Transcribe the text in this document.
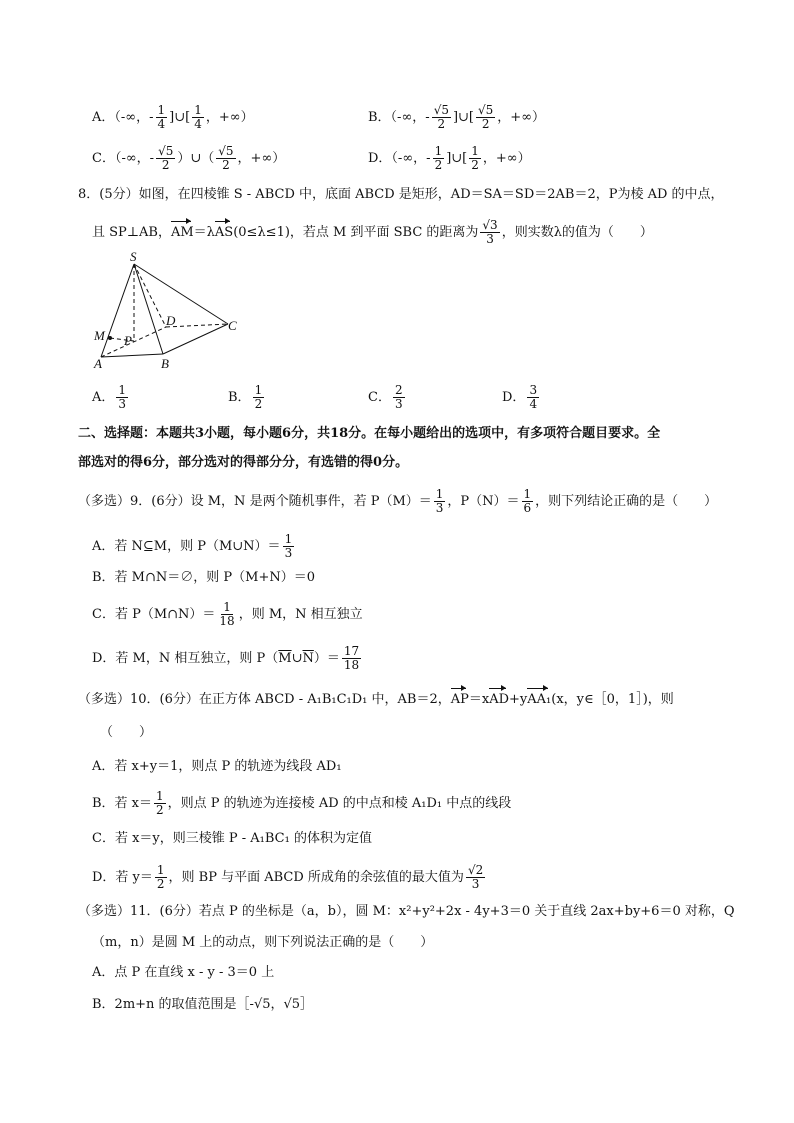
A．（-∞，- $\frac{1}{4}$ ]∪[ $\frac{1}{4}$ ，+∞）	B．（-∞，- $\frac{√5}{2}$ ]∪[ $\frac{√5}{2}$ ，+∞）
C．（-∞，- $\frac{√5}{2}$ ）∪（ $\frac{√5}{2}$ ，+∞）	D．（-∞，- $\frac{1}{2}$ ]∪[ $\frac{1}{2}$ ，+∞）
8．(5分）如图，在四棱锥 S - ABCD 中，底面 ABCD 是矩形，AD＝SA＝SD＝2AB＝2，P为棱 AD 的中点，
且 SP⊥AB，AM＝λAS(0≤λ≤1)，若点 M 到平面 SBC 的距离为 $\frac{√3}{3}$ ，则实数λ的值为（　　）
S
D	C
M P
A	B
A． $\frac{1}{3}$	B． $\frac{1}{2}$	C． $\frac{2}{3}$	D． $\frac{3}{4}$
二、选择题：本题共3小题，每小题6分，共18分。在每小题给出的选项中，有多项符合题目要求。全
部选对的得6分，部分选对的得部分分，有选错的得0分。
（多选）9．(6分）设 M，N 是两个随机事件，若 $P(M)= \frac{1}{3}$ ，$P(N)= \frac{1}{6}$ ，则下列结论正确的是（　　）
A．若 N⊆M，则 P（M∪N）＝ $\frac{1}{3}$
B．若 M∩N＝∅，则 P（M+N）＝0
C．若 P（M∩N）＝ $\frac{1}{18}$ ，则 M，N 相互独立
D．若 M，N 相互独立，则 $P(\overline{M}\cup\overline{N})= \frac{17}{18}$
（多选）10．(6分）在正方体 ABCD - A₁B₁C₁D₁ 中，AB＝2，AP＝xAD+yAA₁(x，y∈［0，1］)，则
（　　）
A．若 x+y＝1，则点 P 的轨迹为线段 AD₁
B．若 $x= \frac{1}{2}$ ，则点 P 的轨迹为连接棱 AD 的中点和棱 A₁D₁ 中点的线段
C．若 x＝y，则三棱锥 P - A₁BC₁ 的体积为定值
D．若 $y= \frac{1}{2}$ ，则 BP 与平面 ABCD 所成角的余弦值的最大值为 $\frac{√2}{3}$
（多选）11．(6分）若点 P 的坐标是（a，b），圆 M：x²+y²+2x - 4y+3＝0 关于直线 2ax+by+6＝0 对称，Q
（m，n）是圆 M 上的动点，则下列说法正确的是（　　）
A．点 P 在直线 x - y - 3＝0 上
B．2m+n 的取值范围是［-√5，√5］
